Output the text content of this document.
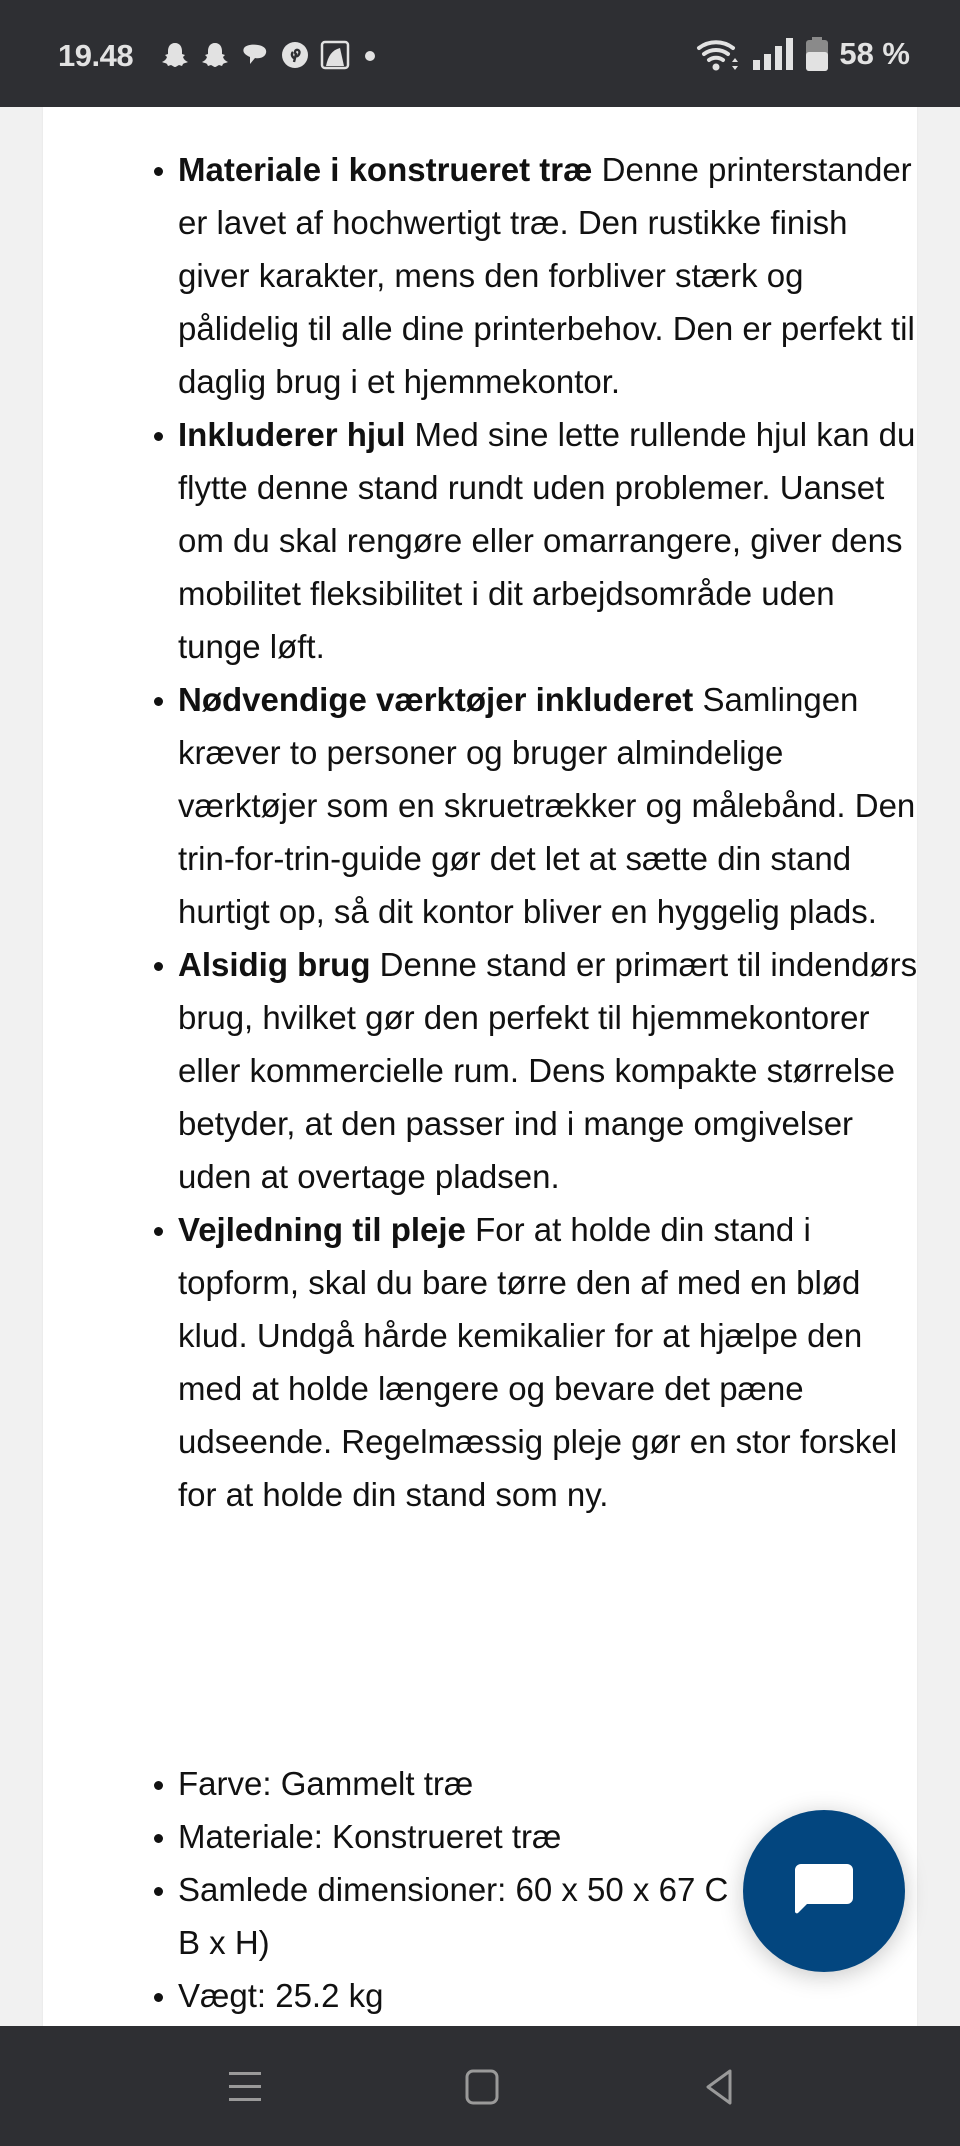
19.48	58 %
Materiale i konstrueret træ Denne printerstander er lavet af hochwertigt træ. Den rustikke finish giver karakter, mens den forbliver stærk og pålidelig til alle dine printerbehov. Den er perfekt til daglig brug i et hjemmekontor.
Inkluderer hjul Med sine lette rullende hjul kan du flytte denne stand rundt uden problemer. Uanset om du skal rengøre eller omarrangere, giver dens mobilitet fleksibilitet i dit arbejdsområde uden tunge løft.
Nødvendige værktøjer inkluderet Samlingen kræver to personer og bruger almindelige værktøjer som en skruetrækker og målebånd. Den trin-for-trin-guide gør det let at sætte din stand hurtigt op, så dit kontor bliver en hyggelig plads.
Alsidig brug Denne stand er primært til indendørs brug, hvilket gør den perfekt til hjemmekontorer eller kommercielle rum. Dens kompakte størrelse betyder, at den passer ind i mange omgivelser uden at overtage pladsen.
Vejledning til pleje For at holde din stand i topform, skal du bare tørre den af med en blød klud. Undgå hårde kemikalier for at hjælpe den med at holde længere og bevare det pæne udseende. Regelmæssig pleje gør en stor forskel for at holde din stand som ny.
Farve: Gammelt træ
Materiale: Konstrueret træ
Samlede dimensioner: 60 x 50 x 67 C
B x H)
Vægt: 25.2 kg
